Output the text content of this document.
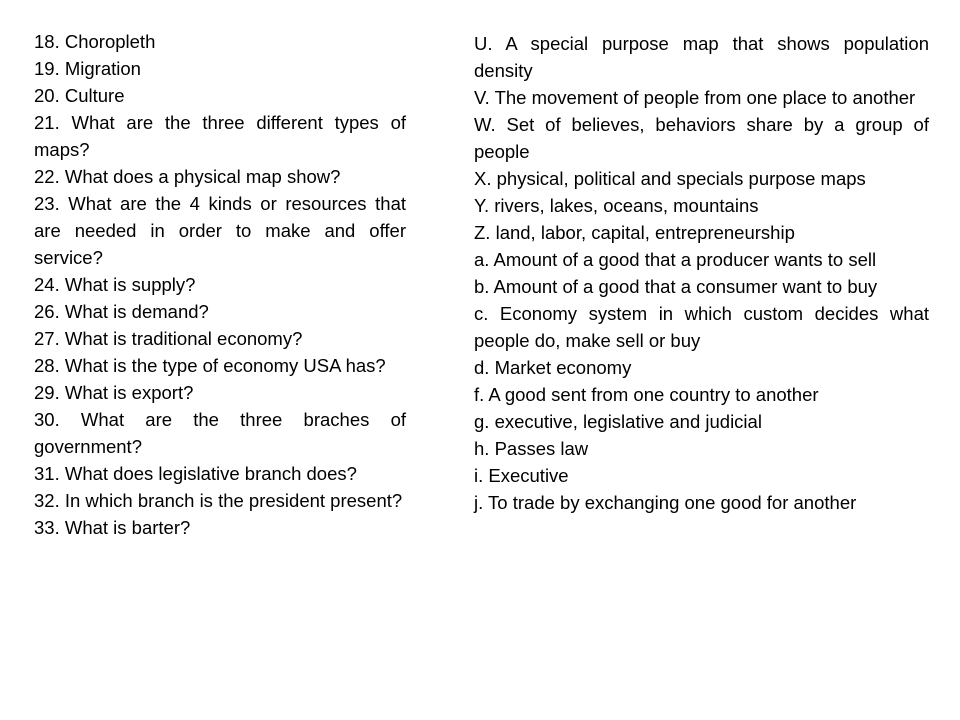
18. Choropleth
19. Migration
20. Culture
21. What are the three different types of maps?
22. What does a physical map show?
23. What are the 4 kinds or resources that are needed in order to make and offer service?
24. What is supply?
26. What is demand?
27. What is traditional economy?
28. What is the type of economy USA has?
29. What is export?
30. What are the three braches of government?
31. What does legislative branch does?
32. In which branch is the president present?
33. What is barter?
U. A special purpose map that shows population density
V. The movement of people from one place to another
W. Set of believes, behaviors share by a group of people
X. physical, political and specials purpose maps
Y. rivers, lakes, oceans, mountains
Z. land, labor, capital, entrepreneurship
a. Amount of a good that a producer wants to sell
b. Amount of a good that a consumer want to buy
c. Economy system in which custom decides what people do, make sell or buy
d. Market economy
f. A good sent from one country to another
g. executive, legislative and judicial
h. Passes law
i. Executive
j. To trade by exchanging one good for another
